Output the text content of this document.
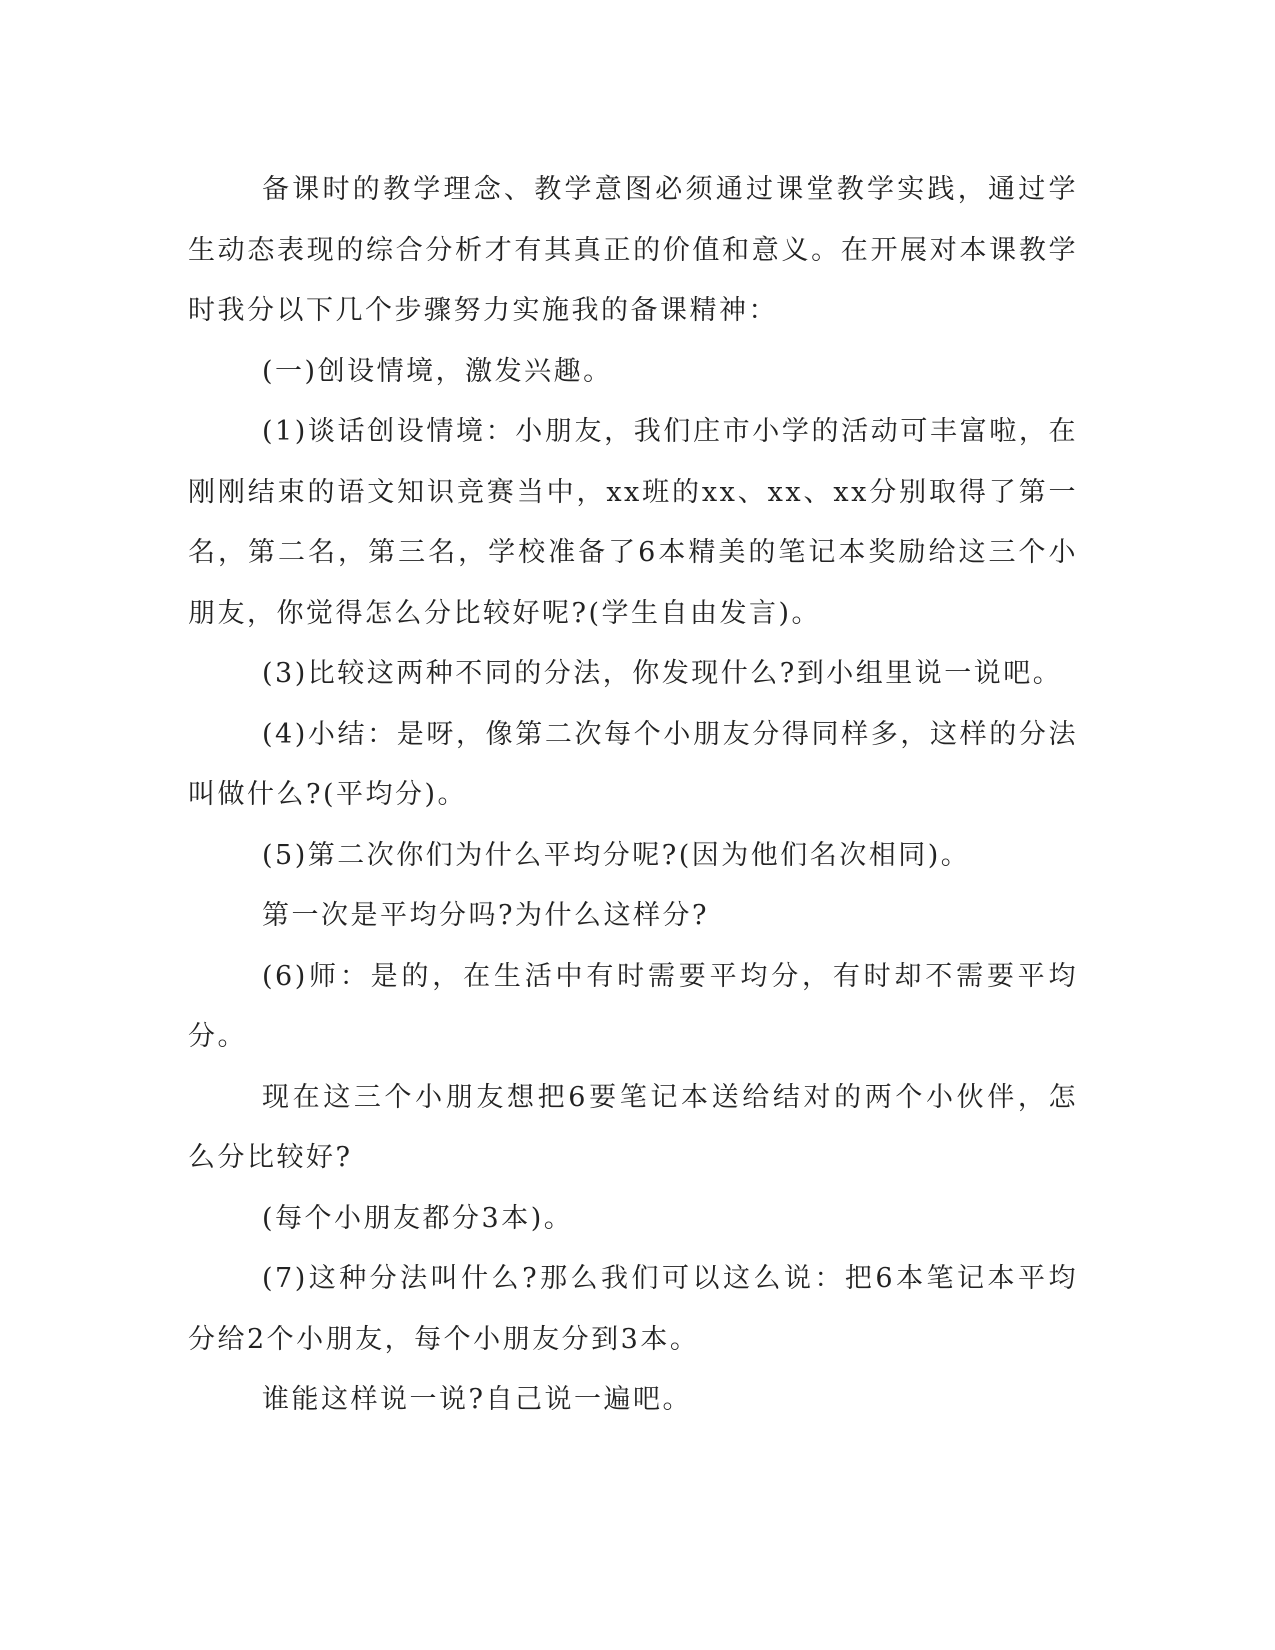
备课时的教学理念、教学意图必须通过课堂教学实践，通过学生动态表现的综合分析才有其真正的价值和意义。在开展对本课教学时我分以下几个步骤努力实施我的备课精神：

(一)创设情境，激发兴趣。

(1)谈话创设情境：小朋友，我们庄市小学的活动可丰富啦，在刚刚结束的语文知识竞赛当中，xx班的xx、xx、xx分别取得了第一名，第二名，第三名，学校准备了6本精美的笔记本奖励给这三个小朋友，你觉得怎么分比较好呢?(学生自由发言)。

(3)比较这两种不同的分法，你发现什么?到小组里说一说吧。

(4)小结：是呀，像第二次每个小朋友分得同样多，这样的分法叫做什么?(平均分)。

(5)第二次你们为什么平均分呢?(因为他们名次相同)。

第一次是平均分吗?为什么这样分?

(6)师：是的，在生活中有时需要平均分，有时却不需要平均分。

现在这三个小朋友想把6要笔记本送给结对的两个小伙伴，怎么分比较好?

(每个小朋友都分3本)。

(7)这种分法叫什么?那么我们可以这么说：把6本笔记本平均分给2个小朋友，每个小朋友分到3本。

谁能这样说一说?自己说一遍吧。
